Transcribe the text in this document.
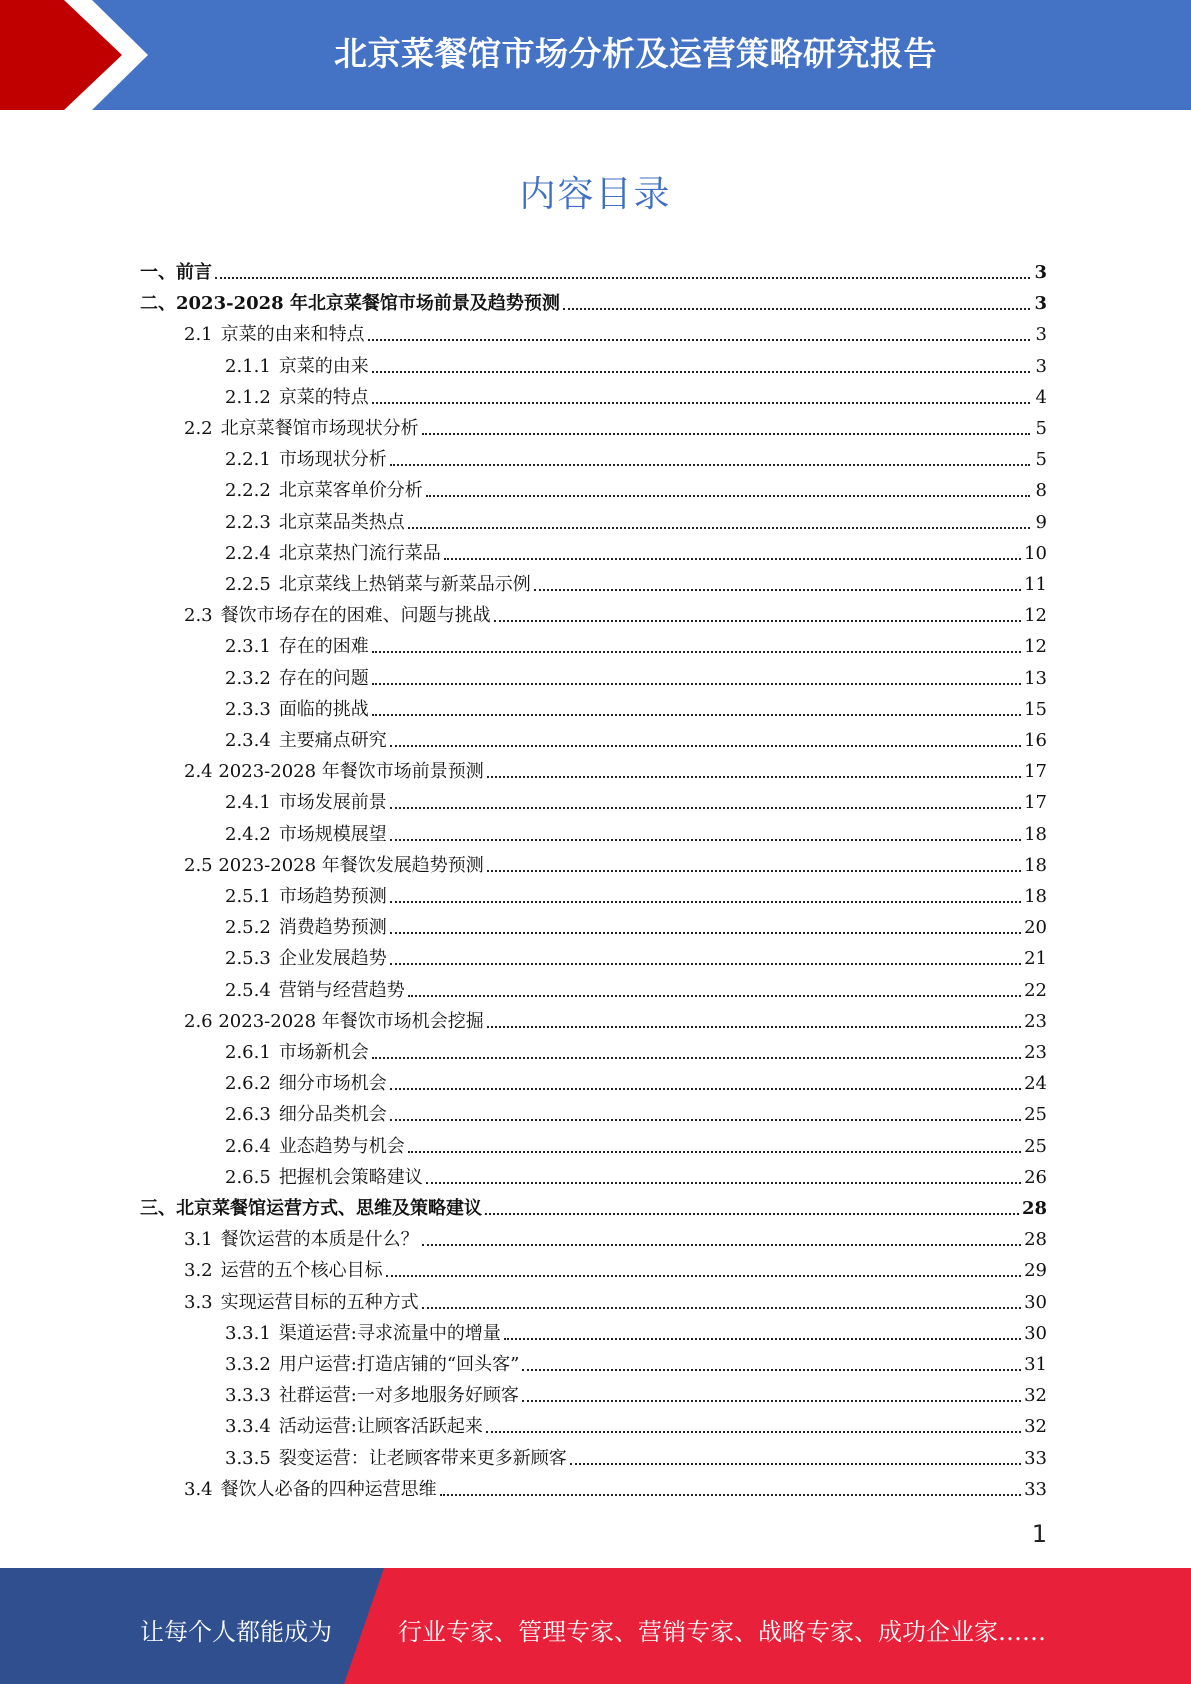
北京菜餐馆市场分析及运营策略研究报告
内容目录
一、前言	3
二、2023-2028 年北京菜餐馆市场前景及趋势预测	3
2.1 京菜的由来和特点	3
2.1.1 京菜的由来	3
2.1.2 京菜的特点	4
2.2 北京菜餐馆市场现状分析	5
2.2.1 市场现状分析	5
2.2.2 北京菜客单价分析	8
2.2.3 北京菜品类热点	9
2.2.4 北京菜热门流行菜品	10
2.2.5 北京菜线上热销菜与新菜品示例	11
2.3 餐饮市场存在的困难、问题与挑战	12
2.3.1 存在的困难	12
2.3.2 存在的问题	13
2.3.3 面临的挑战	15
2.3.4 主要痛点研究	16
2.4 2023-2028 年餐饮市场前景预测	17
2.4.1 市场发展前景	17
2.4.2 市场规模展望	18
2.5 2023-2028 年餐饮发展趋势预测	18
2.5.1 市场趋势预测	18
2.5.2 消费趋势预测	20
2.5.3 企业发展趋势	21
2.5.4 营销与经营趋势	22
2.6 2023-2028 年餐饮市场机会挖掘	23
2.6.1 市场新机会	23
2.6.2 细分市场机会	24
2.6.3 细分品类机会	25
2.6.4 业态趋势与机会	25
2.6.5 把握机会策略建议	26
三、北京菜餐馆运营方式、思维及策略建议	28
3.1 餐饮运营的本质是什么？	28
3.2 运营的五个核心目标	29
3.3 实现运营目标的五种方式	30
3.3.1 渠道运营:寻求流量中的增量	30
3.3.2 用户运营:打造店铺的“回头客”	31
3.3.3 社群运营:一对多地服务好顾客	32
3.3.4 活动运营:让顾客活跃起来	32
3.3.5 裂变运营：让老顾客带来更多新顾客	33
3.4 餐饮人必备的四种运营思维	33
1
让每个人都能成为	行业专家、管理专家、营销专家、战略专家、成功企业家……
